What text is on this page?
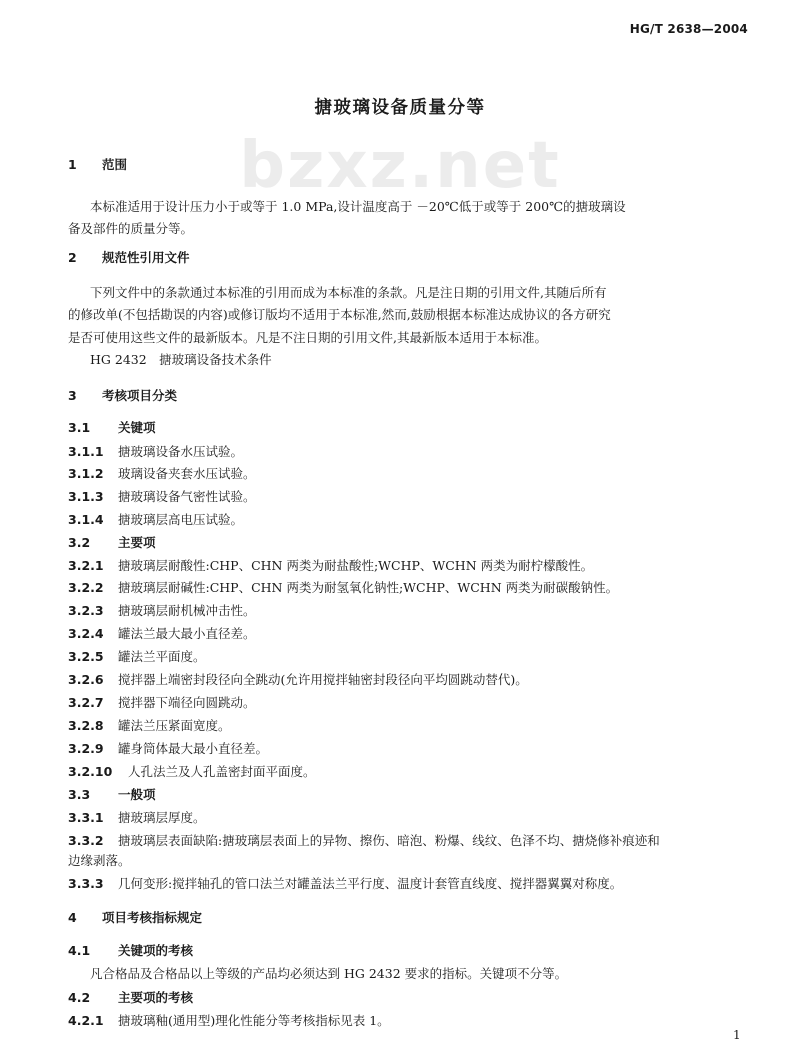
HG/T 2638—2004
bzxz.net
搪玻璃设备质量分等
1 范围
本标准适用于设计压力小于或等于 1.0 MPa,设计温度高于 －20℃低于或等于 200℃的搪玻璃设
备及部件的质量分等。
2 规范性引用文件
下列文件中的条款通过本标准的引用而成为本标准的条款。凡是注日期的引用文件,其随后所有
的修改单(不包括勘误的内容)或修订版均不适用于本标准,然而,鼓励根据本标准达成协议的各方研究
是否可使用这些文件的最新版本。凡是不注日期的引用文件,其最新版本适用于本标准。
HG 2432　搪玻璃设备技术条件
3 考核项目分类
3.1 关键项
3.1.1 搪玻璃设备水压试验。
3.1.2 玻璃设备夹套水压试验。
3.1.3 搪玻璃设备气密性试验。
3.1.4 搪玻璃层高电压试验。
3.2 主要项
3.2.1 搪玻璃层耐酸性:CHP、CHN 两类为耐盐酸性;WCHP、WCHN 两类为耐柠檬酸性。
3.2.2 搪玻璃层耐碱性:CHP、CHN 两类为耐氢氧化钠性;WCHP、WCHN 两类为耐碳酸钠性。
3.2.3 搪玻璃层耐机械冲击性。
3.2.4 罐法兰最大最小直径差。
3.2.5 罐法兰平面度。
3.2.6 搅拌器上端密封段径向全跳动(允许用搅拌轴密封段径向平均圆跳动替代)。
3.2.7 搅拌器下端径向圆跳动。
3.2.8 罐法兰压紧面宽度。
3.2.9 罐身筒体最大最小直径差。
3.2.10 人孔法兰及人孔盖密封面平面度。
3.3 一般项
3.3.1 搪玻璃层厚度。
3.3.2 搪玻璃层表面缺陷:搪玻璃层表面上的异物、擦伤、暗泡、粉爆、线纹、色泽不均、搪烧修补痕迹和
边缘剥落。
3.3.3 几何变形:搅拌轴孔的管口法兰对罐盖法兰平行度、温度计套管直线度、搅拌器翼翼对称度。
4 项目考核指标规定
4.1 关键项的考核
凡合格品及合格品以上等级的产品均必须达到 HG 2432 要求的指标。关键项不分等。
4.2 主要项的考核
4.2.1 搪玻璃釉(通用型)理化性能分等考核指标见表 1。
1
